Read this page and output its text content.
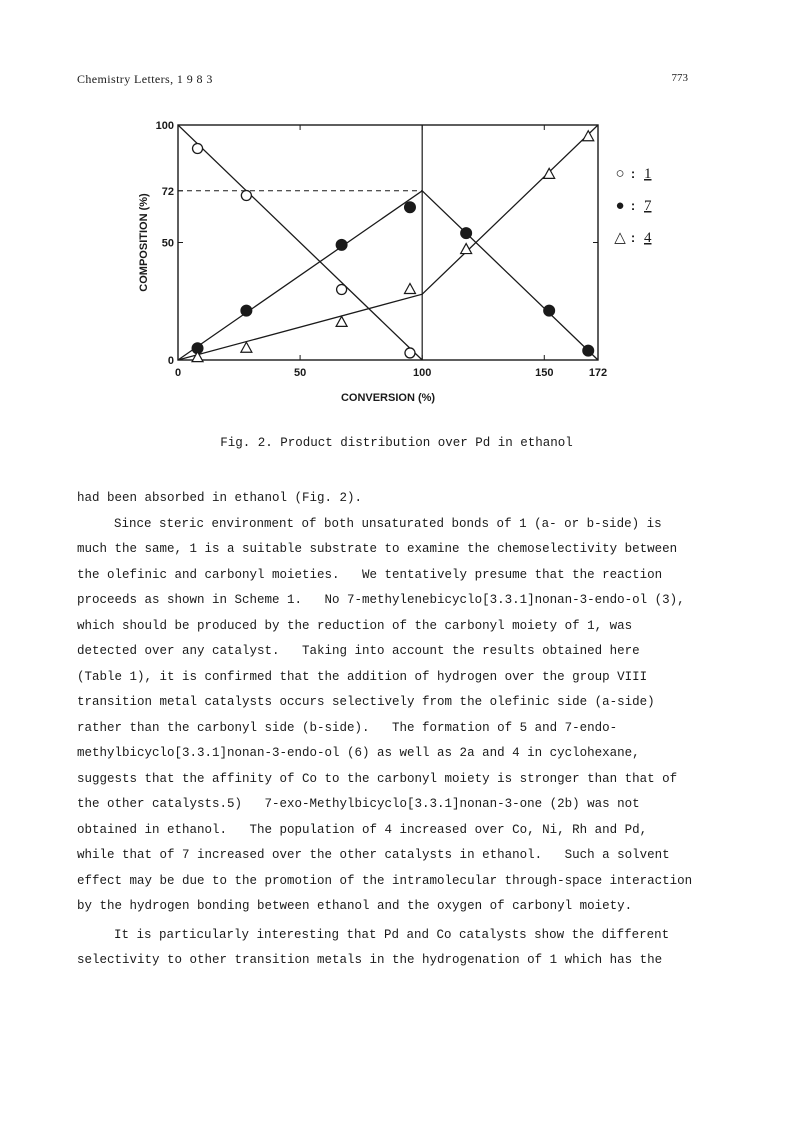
Chemistry Letters, 1 9 8 3	773
0	50	100	150	172
0
50
72
100
CONVERSION (%)
COMPOSITION (%)
○ : 1
● : 7
△ : 4
Fig. 2. Product distribution over Pd in ethanol
had been absorbed in ethanol (Fig. 2).
Since steric environment of both unsaturated bonds of 1 (a- or b-side) is
much the same, 1 is a suitable substrate to examine the chemoselectivity between
the olefinic and carbonyl moieties.   We tentatively presume that the reaction
proceeds as shown in Scheme 1.   No 7-methylenebicyclo[3.3.1]nonan-3-endo-ol (3),
which should be produced by the reduction of the carbonyl moiety of 1, was
detected over any catalyst.   Taking into account the results obtained here
(Table 1), it is confirmed that the addition of hydrogen over the group VIII
transition metal catalysts occurs selectively from the olefinic side (a-side)
rather than the carbonyl side (b-side).   The formation of 5 and 7-endo-
methylbicyclo[3.3.1]nonan-3-endo-ol (6) as well as 2a and 4 in cyclohexane,
suggests that the affinity of Co to the carbonyl moiety is stronger than that of
the other catalysts.5)   7-exo-Methylbicyclo[3.3.1]nonan-3-one (2b) was not
obtained in ethanol.   The population of 4 increased over Co, Ni, Rh and Pd,
while that of 7 increased over the other catalysts in ethanol.   Such a solvent
effect may be due to the promotion of the intramolecular through-space interaction
by the hydrogen bonding between ethanol and the oxygen of carbonyl moiety.
It is particularly interesting that Pd and Co catalysts show the different
selectivity to other transition metals in the hydrogenation of 1 which has the
